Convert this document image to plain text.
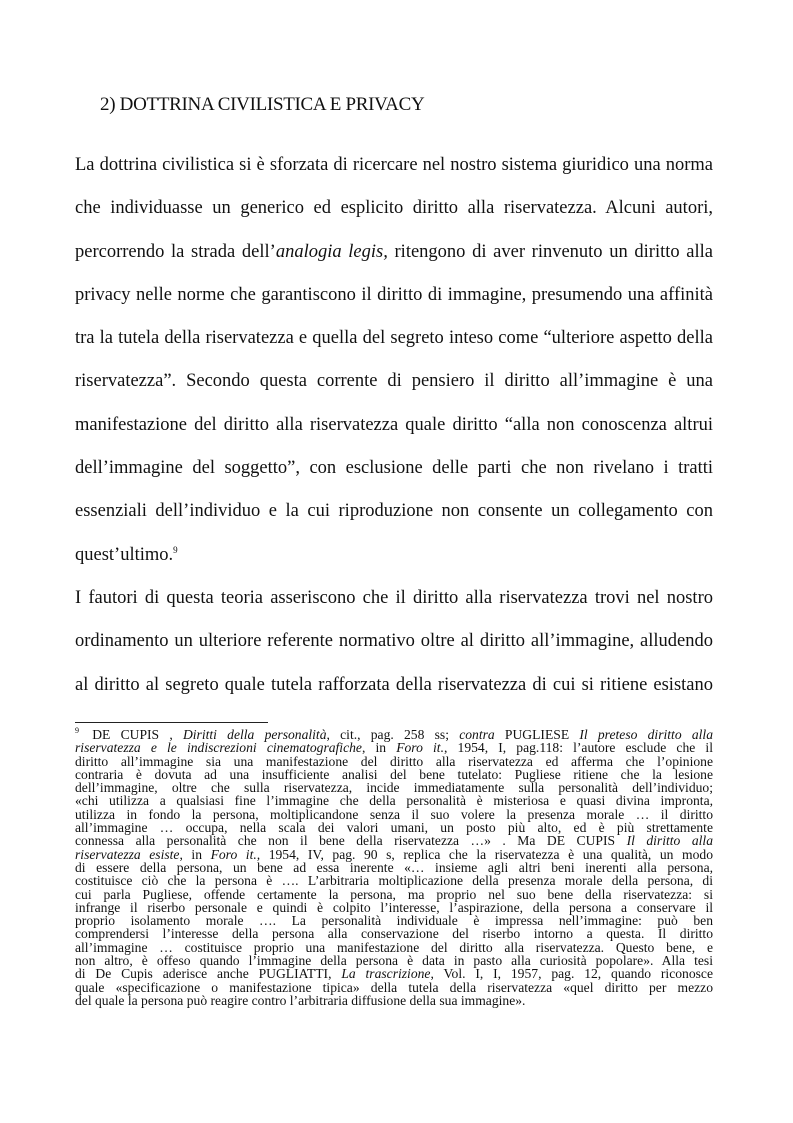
2) DOTTRINA CIVILISTICA E PRIVACY
La dottrina civilistica si è sforzata di ricercare nel nostro sistema giuridico una norma
che individuasse un generico ed esplicito diritto alla riservatezza. Alcuni autori,
percorrendo la strada dell’analogia legis, ritengono di aver rinvenuto un diritto alla
privacy nelle norme che garantiscono il diritto di immagine, presumendo una affinità
tra la tutela della riservatezza e quella del segreto inteso come “ulteriore aspetto della
riservatezza”. Secondo questa corrente di pensiero il diritto all’immagine è una
manifestazione del diritto alla riservatezza quale diritto “alla non conoscenza altrui
dell’immagine del soggetto”, con esclusione delle parti che non rivelano i tratti
essenziali dell’individuo e la cui riproduzione non consente un collegamento con
quest’ultimo.$^9$
I fautori di questa teoria asseriscono che il diritto alla riservatezza trovi nel nostro
ordinamento un ulteriore referente normativo oltre al diritto all’immagine, alludendo
al diritto al segreto quale tutela rafforzata della riservatezza di cui si ritiene esistano
$^9$ DE CUPIS , Diritti della personalità, cit., pag. 258 ss; contra PUGLIESE Il preteso diritto alla
riservatezza e le indiscrezioni cinematografiche, in Foro it., 1954, I, pag.118: l’autore esclude che il
diritto all’immagine sia una manifestazione del diritto alla riservatezza ed afferma che l’opinione
contraria è dovuta ad una insufficiente analisi del bene tutelato: Pugliese ritiene che la lesione
dell’immagine, oltre che sulla riservatezza, incide immediatamente sulla personalità dell’individuo;
«chi utilizza a qualsiasi fine l’immagine che della personalità è misteriosa e quasi divina impronta,
utilizza in fondo la persona, moltiplicandone senza il suo volere la presenza morale … il diritto
all’immagine … occupa, nella scala dei valori umani, un posto più alto, ed è più strettamente
connessa alla personalità che non il bene della riservatezza …» . Ma DE CUPIS Il diritto alla
riservatezza esiste, in Foro it., 1954, IV, pag. 90 s, replica che la riservatezza è una qualità, un modo
di essere della persona, un bene ad essa inerente «… insieme agli altri beni inerenti alla persona,
costituisce ciò che la persona è …. L’arbitraria moltiplicazione della presenza morale della persona, di
cui parla Pugliese, offende certamente la persona, ma proprio nel suo bene della riservatezza: si
infrange il riserbo personale e quindi è colpito l’interesse, l’aspirazione, della persona a conservare il
proprio isolamento morale …. La personalità individuale è impressa nell’immagine: può ben
comprendersi l’interesse della persona alla conservazione del riserbo intorno a questa. Il diritto
all’immagine … costituisce proprio una manifestazione del diritto alla riservatezza. Questo bene, e
non altro, è offeso quando l’immagine della persona è data in pasto alla curiosità popolare». Alla tesi
di De Cupis aderisce anche PUGLIATTI, La trascrizione, Vol. I, I, 1957, pag. 12, quando riconosce
quale «specificazione o manifestazione tipica» della tutela della riservatezza «quel diritto per mezzo
del quale la persona può reagire contro l’arbitraria diffusione della sua immagine».
